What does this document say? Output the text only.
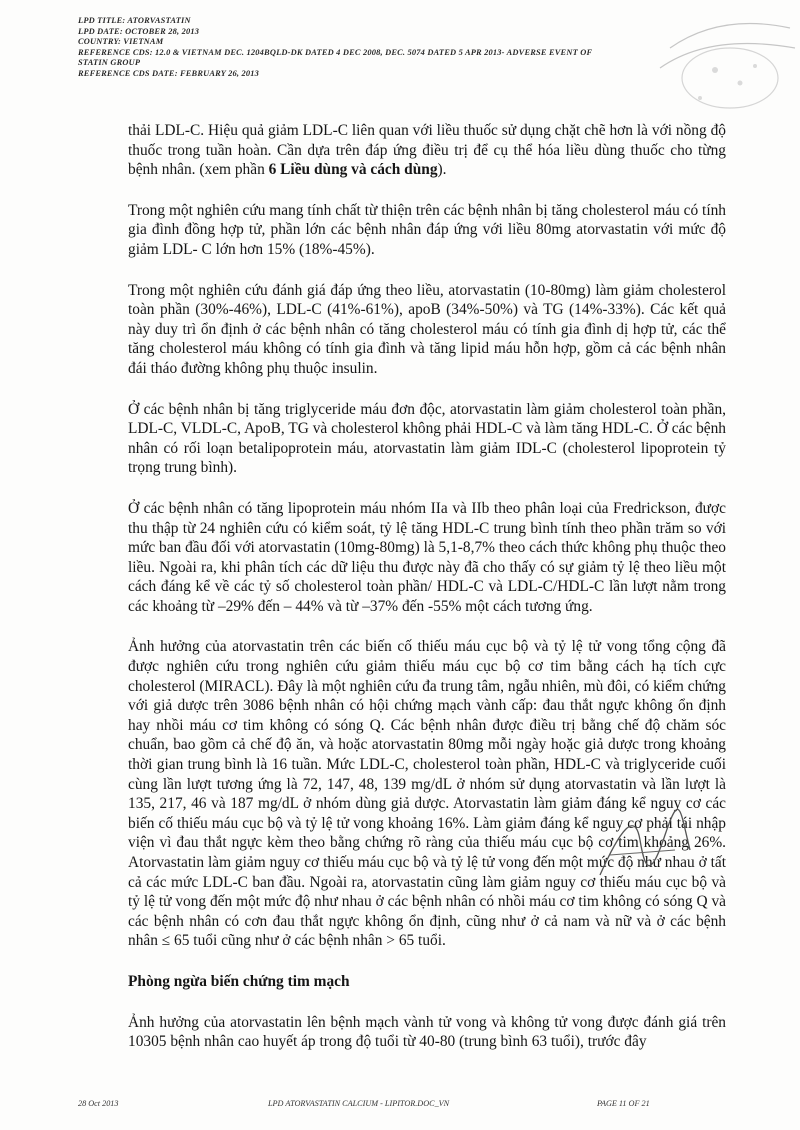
LPD TITLE: ATORVASTATIN
LPD DATE: OCTOBER 28, 2013
COUNTRY: VIETNAM
REFERENCE CDS: 12.0 & VIETNAM DEC. 1204BQLD-DK DATED 4 DEC 2008, DEC. 5074 DATED 5 APR 2013- ADVERSE EVENT OF
STATIN GROUP
REFERENCE CDS DATE: FEBRUARY 26, 2013

thải LDL-C. Hiệu quả giảm LDL-C liên quan với liều thuốc sử dụng chặt chẽ hơn là với nồng độ thuốc trong tuần hoàn. Cần dựa trên đáp ứng điều trị để cụ thể hóa liều dùng thuốc cho từng bệnh nhân. (xem phần 6 Liều dùng và cách dùng).

Trong một nghiên cứu mang tính chất từ thiện trên các bệnh nhân bị tăng cholesterol máu có tính gia đình đồng hợp tử, phần lớn các bệnh nhân đáp ứng với liều 80mg atorvastatin với mức độ giảm LDL- C lớn hơn 15% (18%-45%).

Trong một nghiên cứu đánh giá đáp ứng theo liều, atorvastatin (10-80mg) làm giảm cholesterol toàn phần (30%-46%), LDL-C (41%-61%), apoB (34%-50%) và TG (14%-33%). Các kết quả này duy trì ổn định ở các bệnh nhân có tăng cholesterol máu có tính gia đình dị hợp tử, các thể tăng cholesterol máu không có tính gia đình và tăng lipid máu hỗn hợp, gồm cả các bệnh nhân đái tháo đường không phụ thuộc insulin.

Ở các bệnh nhân bị tăng triglyceride máu đơn độc, atorvastatin làm giảm cholesterol toàn phần, LDL-C, VLDL-C, ApoB, TG và cholesterol không phải HDL-C và làm tăng HDL-C. Ở các bệnh nhân có rối loạn betalipoprotein máu, atorvastatin làm giảm IDL-C (cholesterol lipoprotein tỷ trọng trung bình).

Ở các bệnh nhân có tăng lipoprotein máu nhóm IIa và IIb theo phân loại của Fredrickson, được thu thập từ 24 nghiên cứu có kiểm soát, tỷ lệ tăng HDL-C trung bình tính theo phần trăm so với mức ban đầu đối với atorvastatin (10mg-80mg) là 5,1-8,7% theo cách thức không phụ thuộc theo liều. Ngoài ra, khi phân tích các dữ liệu thu được này đã cho thấy có sự giảm tỷ lệ theo liều một cách đáng kể về các tỷ số cholesterol toàn phần/ HDL-C và LDL-C/HDL-C lần lượt nằm trong các khoảng từ –29% đến – 44% và từ –37% đến -55% một cách tương ứng.

Ảnh hưởng của atorvastatin trên các biến cố thiếu máu cục bộ và tỷ lệ tử vong tổng cộng đã được nghiên cứu trong nghiên cứu giảm thiếu máu cục bộ cơ tim bằng cách hạ tích cực cholesterol (MIRACL). Đây là một nghiên cứu đa trung tâm, ngẫu nhiên, mù đôi, có kiểm chứng với giả dược trên 3086 bệnh nhân có hội chứng mạch vành cấp: đau thắt ngực không ổn định hay nhồi máu cơ tim không có sóng Q. Các bệnh nhân được điều trị bằng chế độ chăm sóc chuẩn, bao gồm cả chế độ ăn, và hoặc atorvastatin 80mg mỗi ngày hoặc giả dược trong khoảng thời gian trung bình là 16 tuần. Mức LDL-C, cholesterol toàn phần, HDL-C và triglyceride cuối cùng lần lượt tương ứng là 72, 147, 48, 139 mg/dL ở nhóm sử dụng atorvastatin và lần lượt là 135, 217, 46 và 187 mg/dL ở nhóm dùng giả dược. Atorvastatin làm giảm đáng kể nguy cơ các biến cố thiếu máu cục bộ và tỷ lệ tử vong khoảng 16%. Làm giảm đáng kể nguy cơ phải tái nhập viện vì đau thắt ngực kèm theo bằng chứng rõ ràng của thiếu máu cục bộ cơ tim khoảng 26%. Atorvastatin làm giảm nguy cơ thiếu máu cục bộ và tỷ lệ tử vong đến một mức độ như nhau ở tất cả các mức LDL-C ban đầu. Ngoài ra, atorvastatin cũng làm giảm nguy cơ thiếu máu cục bộ và tỷ lệ tử vong đến một mức độ như nhau ở các bệnh nhân có nhồi máu cơ tim không có sóng Q và các bệnh nhân có cơn đau thắt ngực không ổn định, cũng như ở cả nam và nữ và ở các bệnh nhân ≤ 65 tuổi cũng như ở các bệnh nhân > 65 tuổi.

Phòng ngừa biến chứng tim mạch

Ảnh hưởng của atorvastatin lên bệnh mạch vành tử vong và không tử vong được đánh giá trên 10305 bệnh nhân cao huyết áp trong độ tuổi từ 40-80 (trung bình 63 tuổi), trước đây

28 Oct 2013	LPD ATORVASTATIN CALCIUM - LIPITOR.DOC_VN	PAGE 11 OF 21
